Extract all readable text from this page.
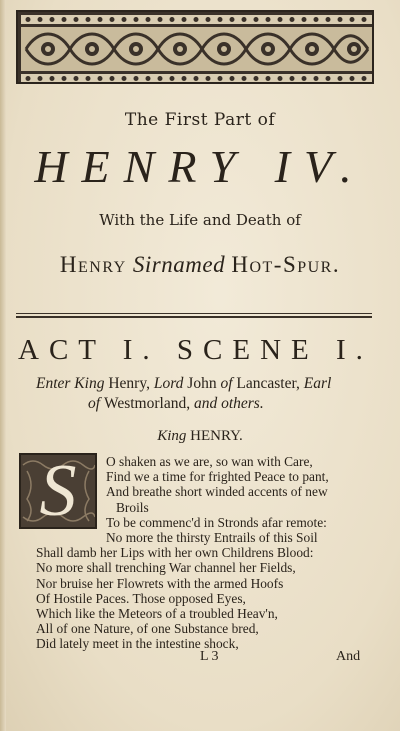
The First Part of
HENRY IV.
With the Life and Death of
Henry Sirnamed Hot-Spur.
ACT I. SCENE I.
Enter King Henry, Lord John of Lancaster, Earl
of Westmorland, and others.
King HENRY.
S	O shaken as we are, so wan with Care,
Find we a time for frighted Peace to pant,
And breathe short winded accents of new
Broils
To be commenc'd in Stronds afar remote:
No more the thirsty Entrails of this Soil
Shall damb her Lips with her own Childrens Blood:
No more shall trenching War channel her Fields,
Nor bruise her Flowrets with the armed Hoofs
Of Hostile Paces. Those opposed Eyes,
Which like the Meteors of a troubled Heav'n,
All of one Nature, of one Substance bred,
Did lately meet in the intestine shock,
L 3	And
